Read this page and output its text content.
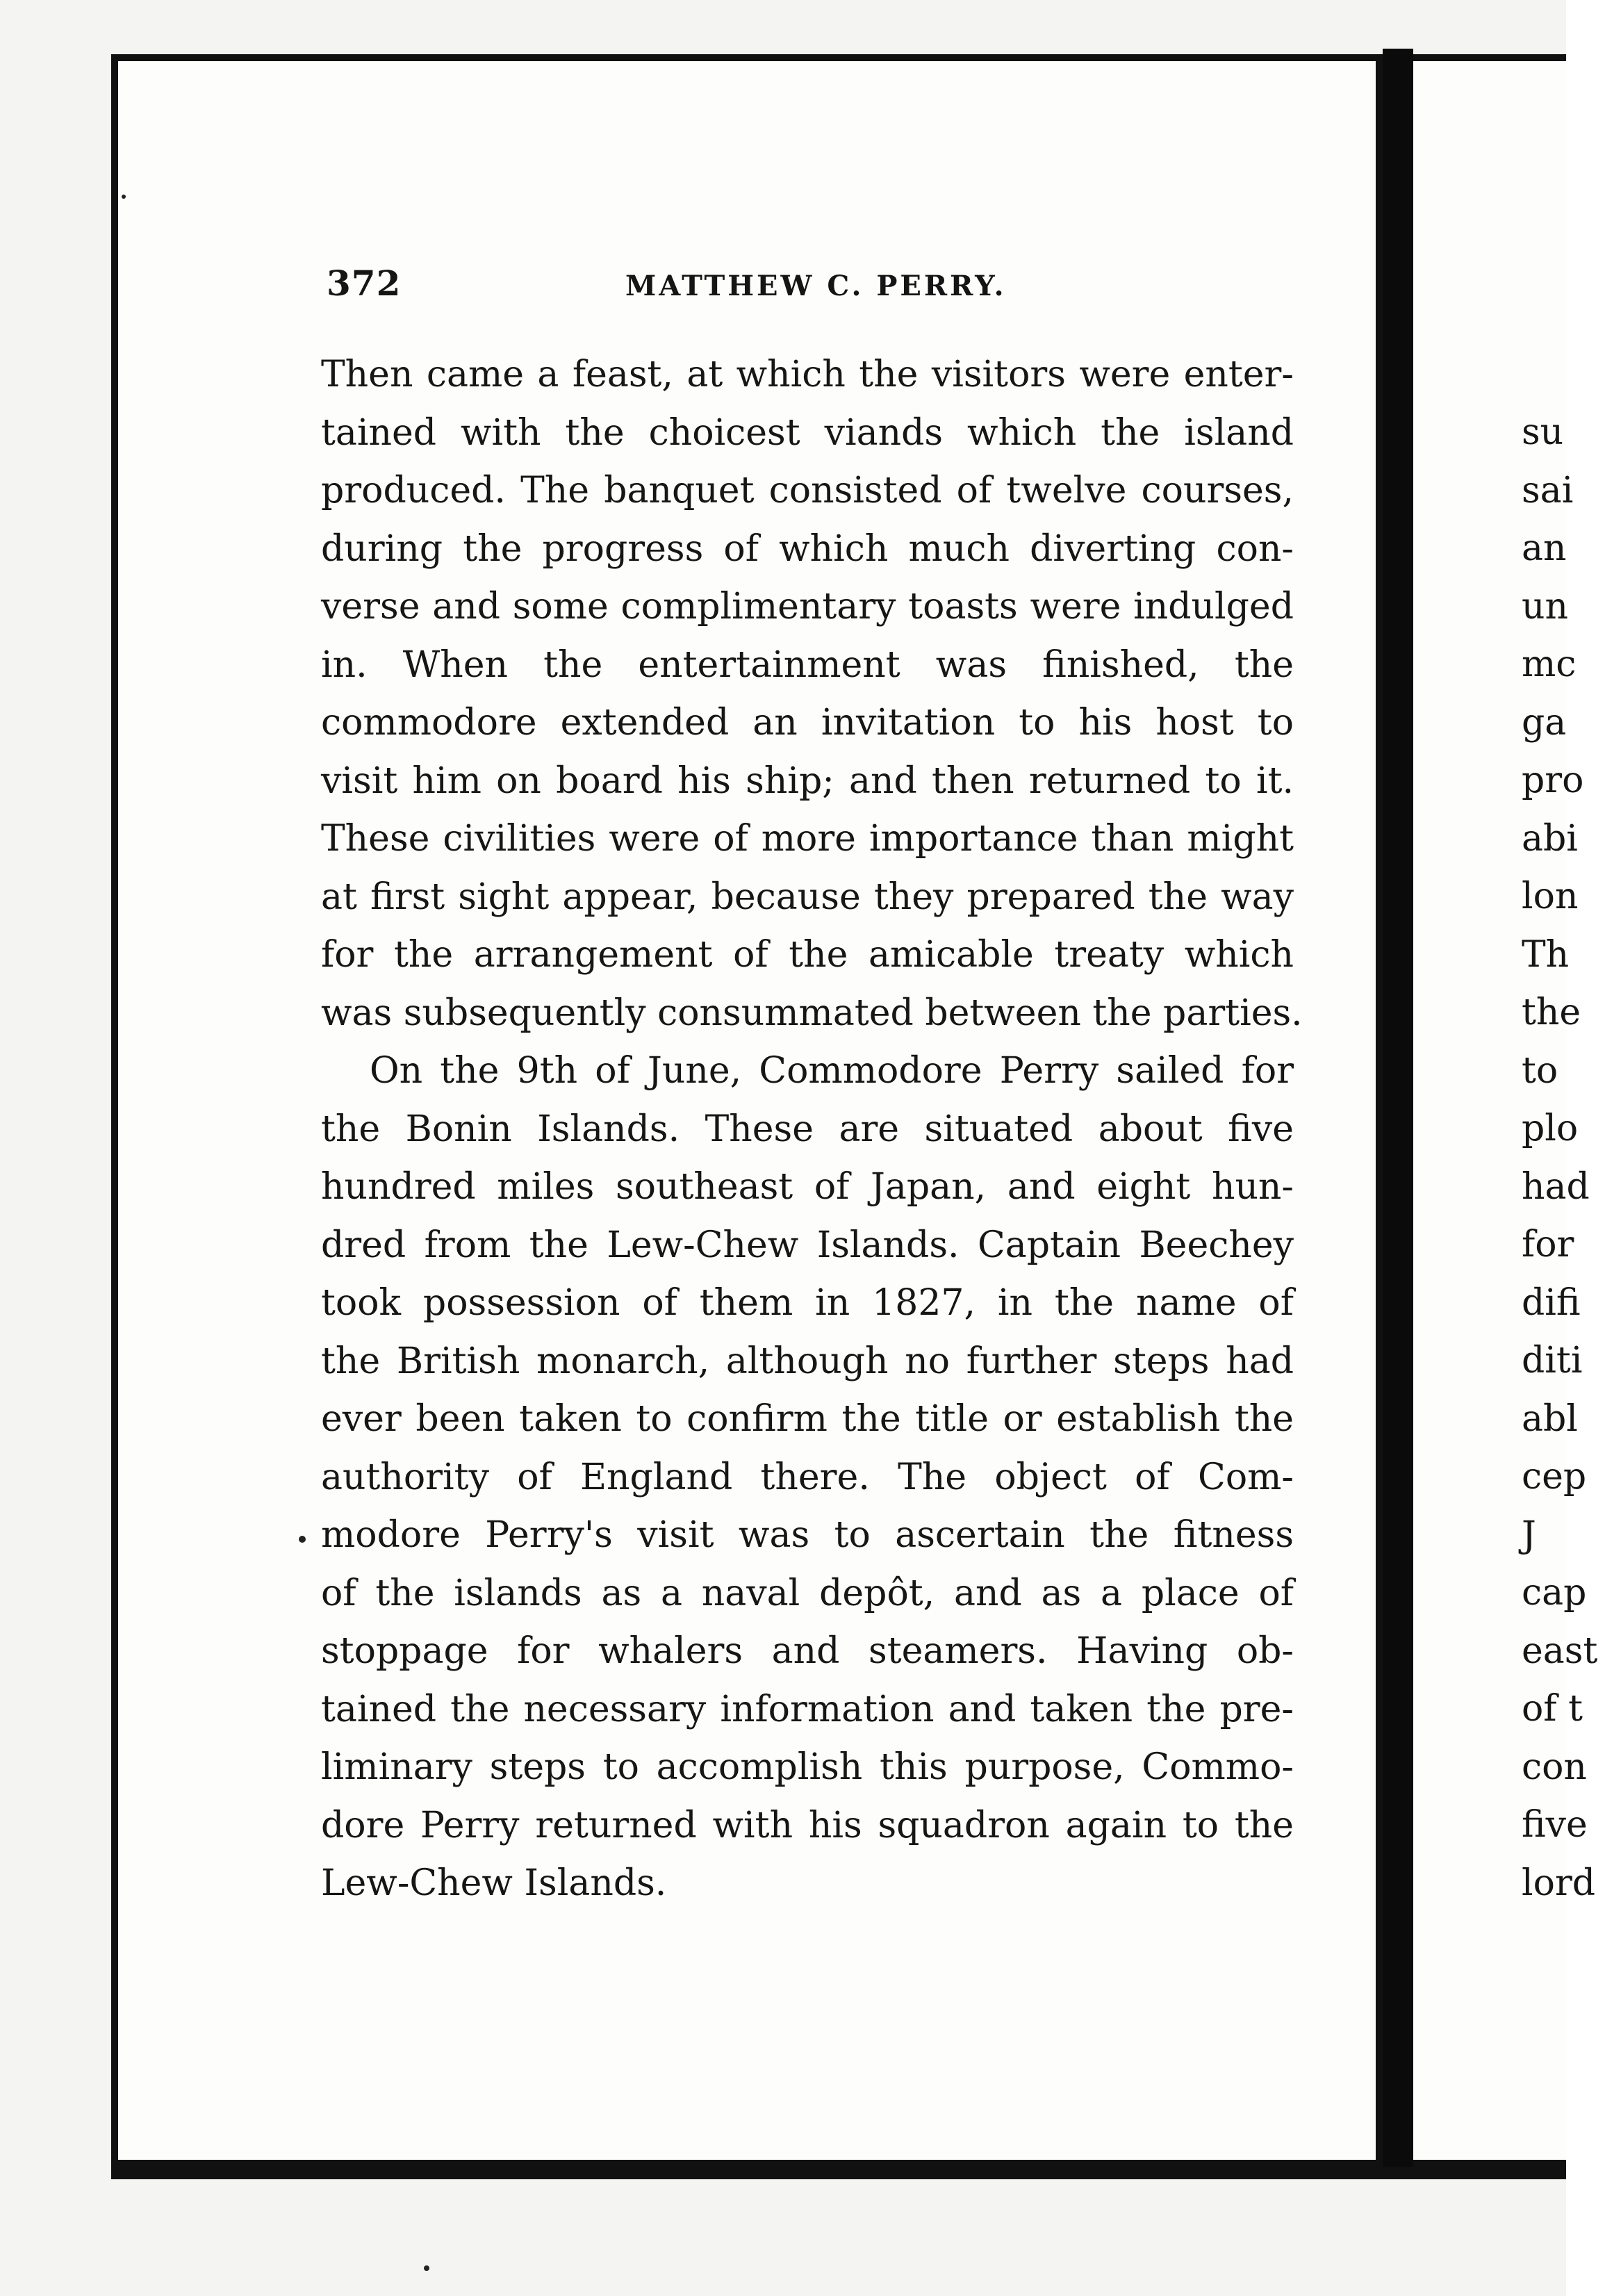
372	MATTHEW C. PERRY.
Then came a feast, at which the visitors were enter-
tained with the choicest viands which the island
produced. The banquet consisted of twelve courses,
during the progress of which much diverting con-
verse and some complimentary toasts were indulged
in. When the entertainment was finished, the
commodore extended an invitation to his host to
visit him on board his ship; and then returned to it.
These civilities were of more importance than might
at first sight appear, because they prepared the way
for the arrangement of the amicable treaty which
was subsequently consummated between the parties.
On the 9th of June, Commodore Perry sailed for
the Bonin Islands. These are situated about five
hundred miles southeast of Japan, and eight hun-
dred from the Lew-Chew Islands. Captain Beechey
took possession of them in 1827, in the name of
the British monarch, although no further steps had
ever been taken to confirm the title or establish the
authority of England there. The object of Com-
modore Perry's visit was to ascertain the fitness
of the islands as a naval depôt, and as a place of
stoppage for whalers and steamers. Having ob-
tained the necessary information and taken the pre-
liminary steps to accomplish this purpose, Commo-
dore Perry returned with his squadron again to the
Lew-Chew Islands.
su
sai
an
un
mc
ga
pro
abi
lon
Th
the
to
plo
had
for
difi
diti
abl
cep
J
cap
east
of t
con
five
lord
